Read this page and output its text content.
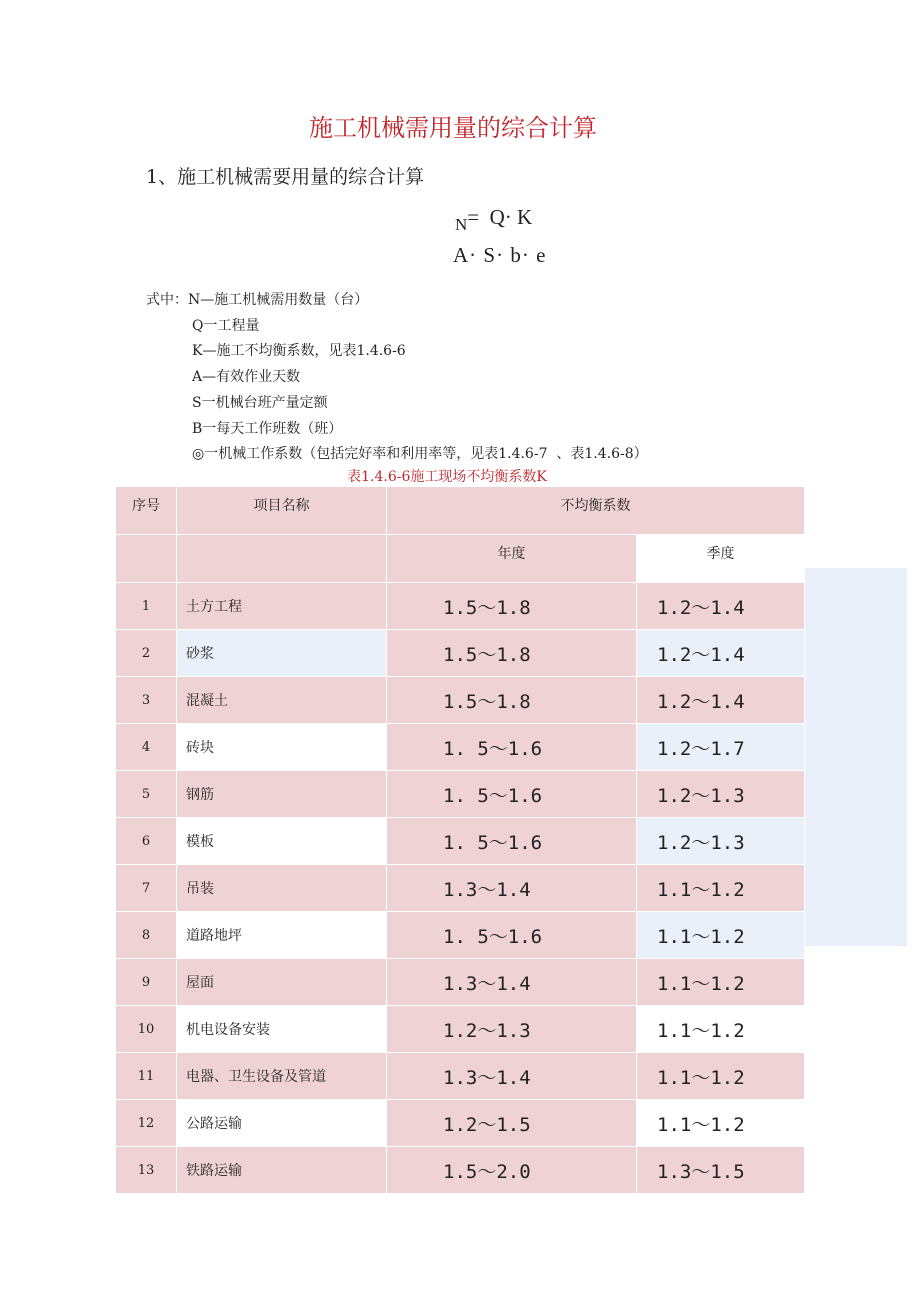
施工机械需用量的综合计算
1、施工机械需要用量的综合计算
$_N$= Q· K
A· S· b· e
式中：N—施工机械需用数量（台）
Q一工程量
K—施工不均衡系数，见表1.4.6-6
A—有效作业天数
S一机械台班产量定额
B一每天工作班数（班）
◎一机械工作系数（包括完好率和利用率等，见表1.4.6-7  、表1.4.6-8）
表1.4.6-6施工现场不均衡系数K
序号	项目名称	不均衡系数	
		年度	季度
1	土方工程	1.5〜1.8	1.2〜1.4
2	砂浆	1.5〜1.8	1.2〜1.4
3	混凝土	1.5〜1.8	1.2〜1.4
4	砖块	1. 5〜1.6	1.2〜1.7
5	钢筋	1. 5〜1.6	1.2〜1.3
6	模板	1. 5〜1.6	1.2〜1.3
7	吊装	1.3〜1.4	1.1〜1.2
8	道路地坪	1. 5〜1.6	1.1〜1.2
9	屋面	1.3〜1.4	1.1〜1.2
10	机电设备安装	1.2〜1.3	1.1〜1.2
11	电器、卫生设备及管道	1.3〜1.4	1.1〜1.2
12	公路运输	1.2〜1.5	1.1〜1.2
13	铁路运输	1.5〜2.0	1.3〜1.5
